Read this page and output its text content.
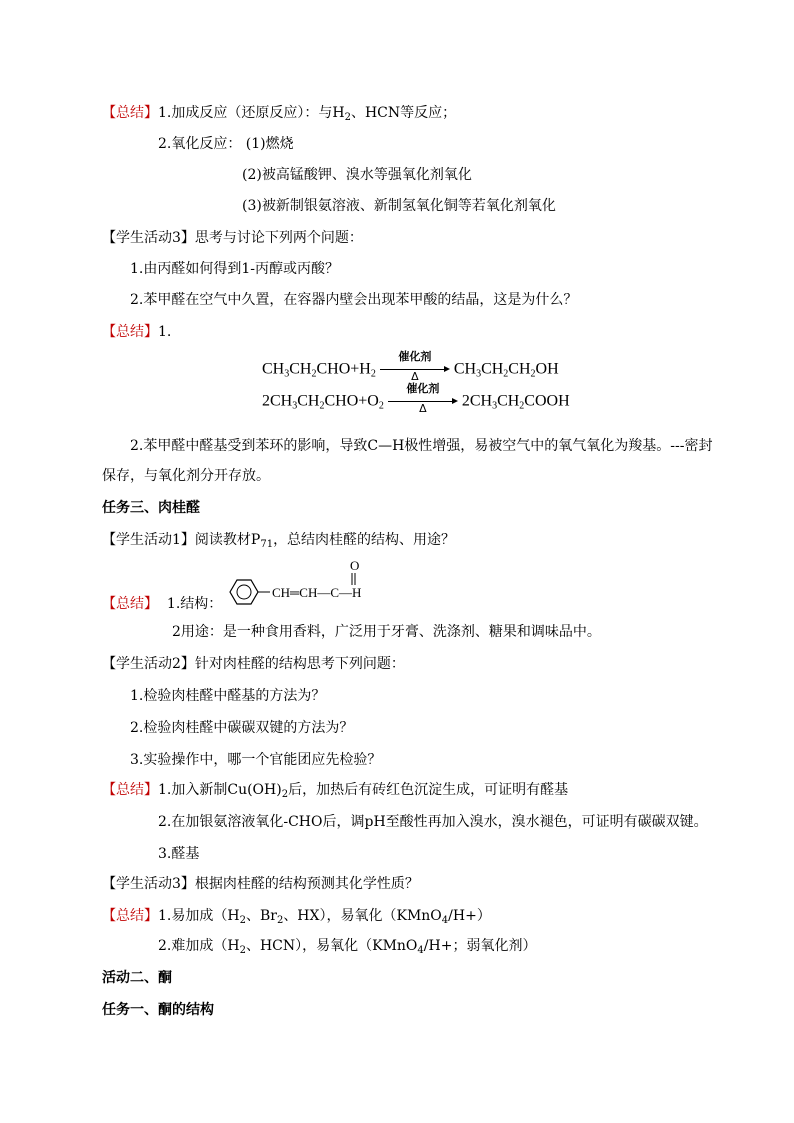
【总结】1.加成反应（还原反应）：与$H_2$、HCN等反应；
2.氧化反应： (1)燃烧
(2)被高锰酸钾、溴水等强氧化剂氧化
(3)被新制银氨溶液、新制氢氧化铜等若氧化剂氧化
【学生活动3】思考与讨论下列两个问题：
1.由丙醛如何得到1-丙醇或丙酸？
2.苯甲醛在空气中久置，在容器内壁会出现苯甲酸的结晶，这是为什么？
【总结】1.
$CH_3CH_2CHO+H_2$
催化剂
Δ	$CH_3CH_2CH_2OH$
$2CH_3CH_2CHO+O_2$
催化剂
Δ	$2CH_3CH_2COOH$
2.苯甲醛中醛基受到苯环的影响，导致C—H极性增强，易被空气中的氧气氧化为羧基。---密封
保存，与氧化剂分开存放。
任务三、肉桂醛
【学生活动1】阅读教材$P_{71}$，总结肉桂醛的结构、用途？
【总结】 1.结构：
CH═CH—C—H
O
2用途：是一种食用香料，广泛用于牙膏、洗涤剂、糖果和调味品中。
【学生活动2】针对肉桂醛的结构思考下列问题：
1.检验肉桂醛中醛基的方法为？
2.检验肉桂醛中碳碳双键的方法为？
3.实验操作中，哪一个官能团应先检验？
【总结】1.加入新制$Cu(OH)_2$后，加热后有砖红色沉淀生成，可证明有醛基
2.在加银氨溶液氧化-CHO后，调pH至酸性再加入溴水，溴水褪色，可证明有碳碳双键。
3.醛基
【学生活动3】根据肉桂醛的结构预测其化学性质？
【总结】1.易加成（$H_2$、$Br_2$、HX），易氧化（KMnO$_4$/H+）
2.难加成（$H_2$、HCN），易氧化（KMnO$_4$/H+；弱氧化剂）
活动二、酮
任务一、酮的结构
